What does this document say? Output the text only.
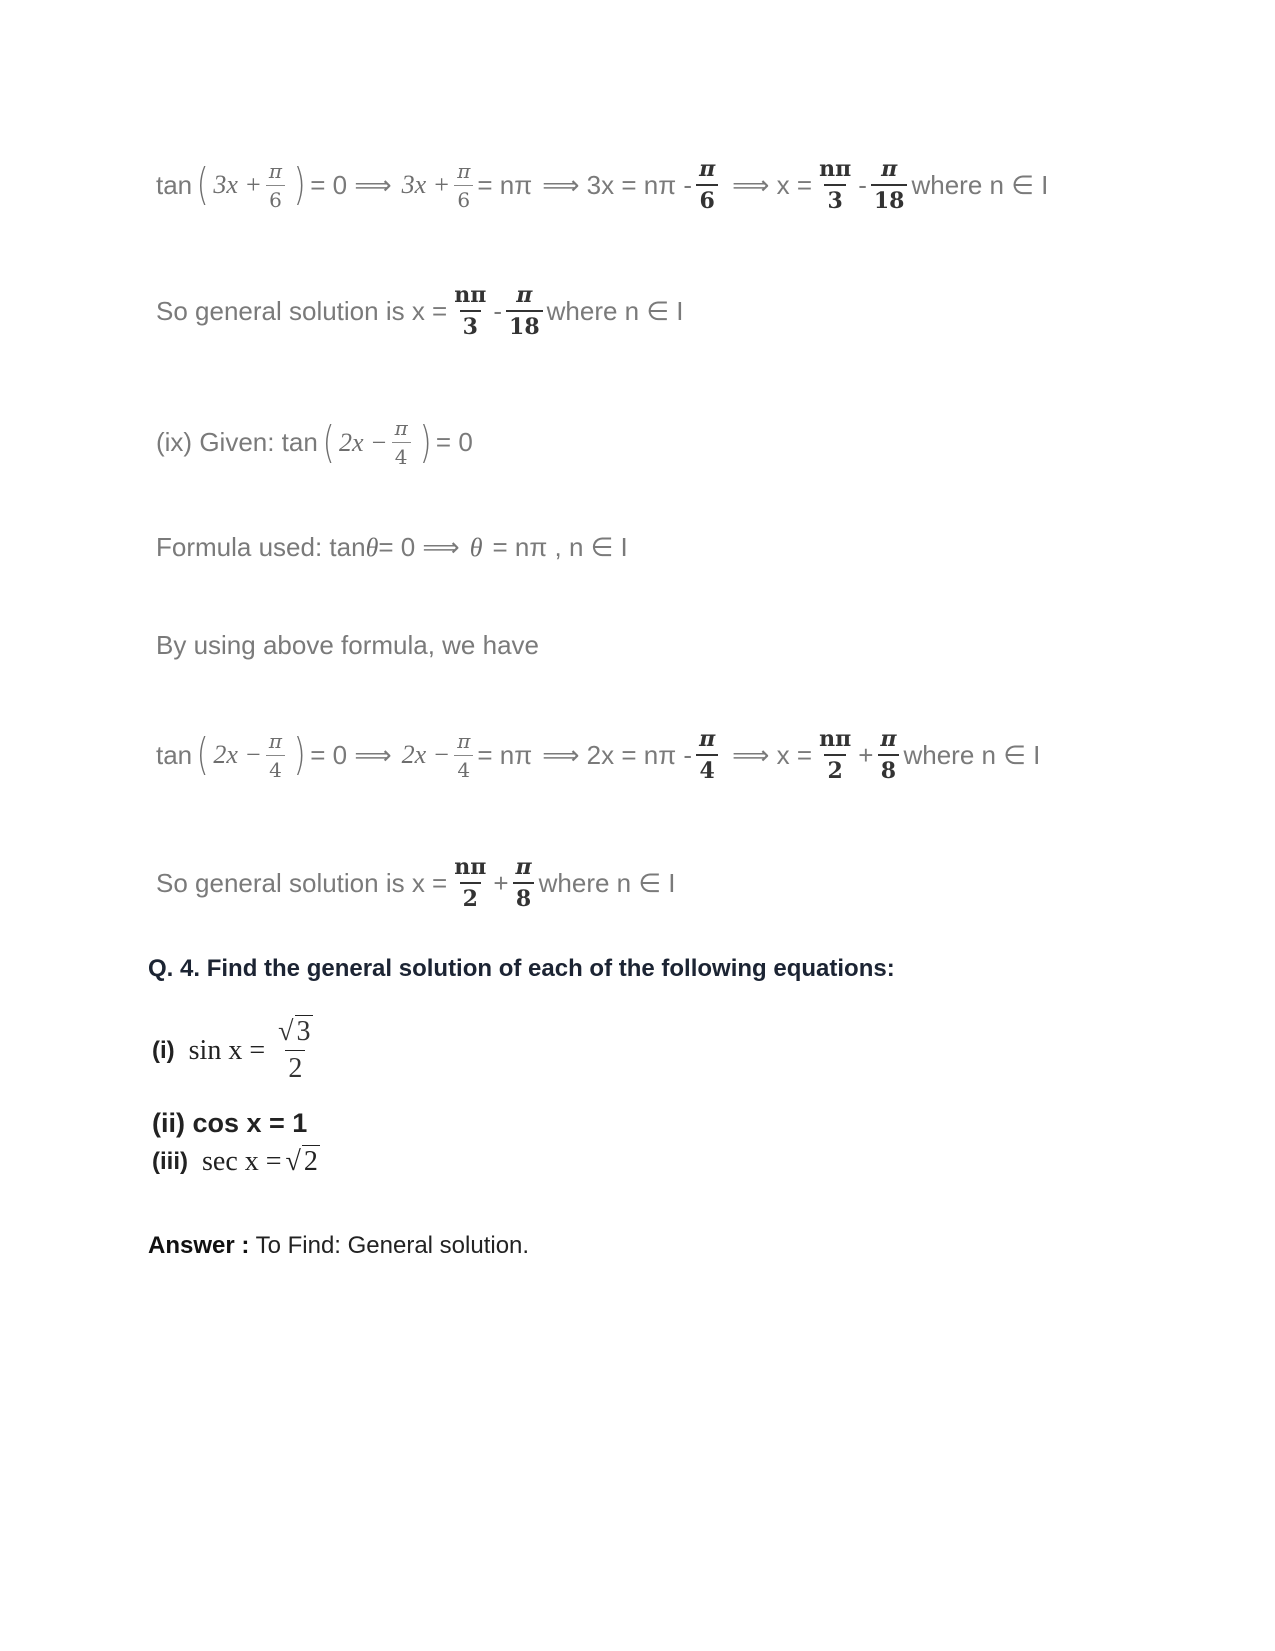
tan ( $3x + \frac{\pi}{6}$ ) = 0 ⟹ $3x + \frac{\pi}{6} = n\pi$ ⟹ $3x = n\pi - \frac{\pi}{6}$ ⟹ $x = \frac{n\pi}{3} - \frac{\pi}{18}$ where n ∈ I
So general solution is $x = \frac{n\pi}{3} - \frac{\pi}{18}$ where n ∈ I
(ix) Given: tan ( $2x - \frac{\pi}{4}$ ) = 0
Formula used: tan θ = 0 ⟹ θ = nπ , n ∈ I
By using above formula, we have
tan ( $2x - \frac{\pi}{4}$ ) = 0 ⟹ $2x - \frac{\pi}{4} = n\pi$ ⟹ $2x = n\pi - \frac{\pi}{4}$ ⟹ $x = \frac{n\pi}{2} + \frac{\pi}{8}$ where n ∈ I
So general solution is $x = \frac{n\pi}{2} + \frac{\pi}{8}$ where n ∈ I
Q. 4. Find the general solution of each of the following equations:
(i) $\sin x = \frac{√ 3}{2}$
(ii) cos x = 1
(iii) sec x = √ 2
Answer : To Find: General solution.
